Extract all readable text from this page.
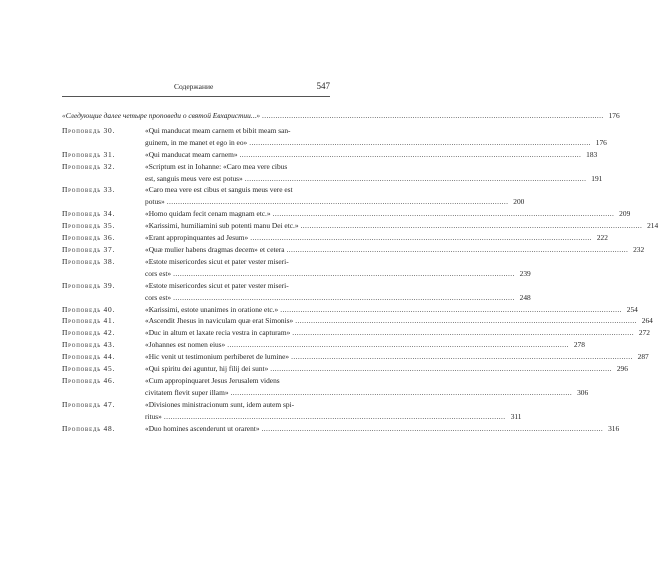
Содержание	547
«Следующие далее четыре проповеди о святой Евхаристии...» .....	176
Проповедь 30.	«Qui manducat meam carnem et bibit meam san-
guinem, in me manet et ego in eo» .....	176
Проповедь 31.	«Qui manducat meam carnem» .....	183
Проповедь 32.	«Scriptum est in Iohanne: «Caro mea vere cibus
est, sanguis meus vere est potus» .....	191
Проповедь 33.	«Caro mea vere est cibus et sanguis meus vere est
potus» .....	200
Проповедь 34.	«Homo quidam fecit cenam magnam etc.» .....	209
Проповедь 35.	«Karissimi, humiliamini sub potenti manu Dei etc.» .....	214
Проповедь 36.	«Erant appropinquantes ad Jesum» .....	222
Проповедь 37.	«Quæ mulier habens dragmas decem» et cetera .....	232
Проповедь 38.	«Estote misericordes sicut et pater vester miseri-
cors est» .....	239
Проповедь 39.	«Estote misericordes sicut et pater vester miseri-
cors est» .....	248
Проповедь 40.	«Karissimi, estote unanimes in oratione etc.» .....	254
Проповедь 41.	«Ascendit Jhesus in naviculam quæ erat Simonis» .....	264
Проповедь 42.	«Duc in altum et laxate recia vestra in capturam» .....	272
Проповедь 43.	«Johannes est nomen eius» .....	278
Проповедь 44.	«Hic venit ut testimonium perhiberet de lumine» .....	287
Проповедь 45.	«Qui spiritu dei aguntur, hij filij dei sunt» .....	296
Проповедь 46.	«Cum appropinquaret Jesus Jerusalem videns
civitatem flevit super illam» .....	306
Проповедь 47.	«Divisiones ministracionum sunt, idem autem spi-
ritus» .....	311
Проповедь 48.	«Duo homines ascenderunt ut orarent» .....	316
